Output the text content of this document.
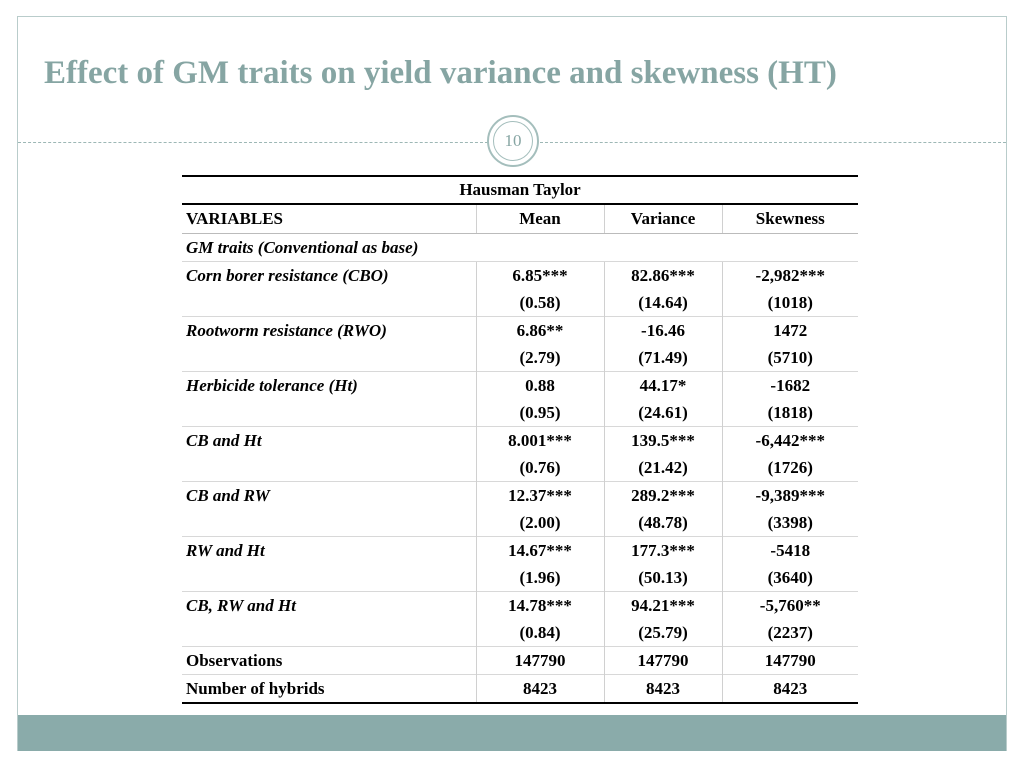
Effect of GM traits on yield variance and skewness (HT)
10
Hausman Taylor			
VARIABLES	Mean	Variance	Skewness
GM traits (Conventional as base)			
Corn borer resistance (CBO)	6.85***	82.86***	-2,982***
	(0.58)	(14.64)	(1018)
Rootworm resistance (RWO)	6.86**	-16.46	1472
	(2.79)	(71.49)	(5710)
Herbicide tolerance (Ht)	0.88	44.17*	-1682
	(0.95)	(24.61)	(1818)
CB and Ht	8.001***	139.5***	-6,442***
	(0.76)	(21.42)	(1726)
CB and RW	12.37***	289.2***	-9,389***
	(2.00)	(48.78)	(3398)
RW and Ht	14.67***	177.3***	-5418
	(1.96)	(50.13)	(3640)
CB, RW and Ht	14.78***	94.21***	-5,760**
	(0.84)	(25.79)	(2237)
Observations	147790	147790	147790
Number of hybrids	8423	8423	8423
